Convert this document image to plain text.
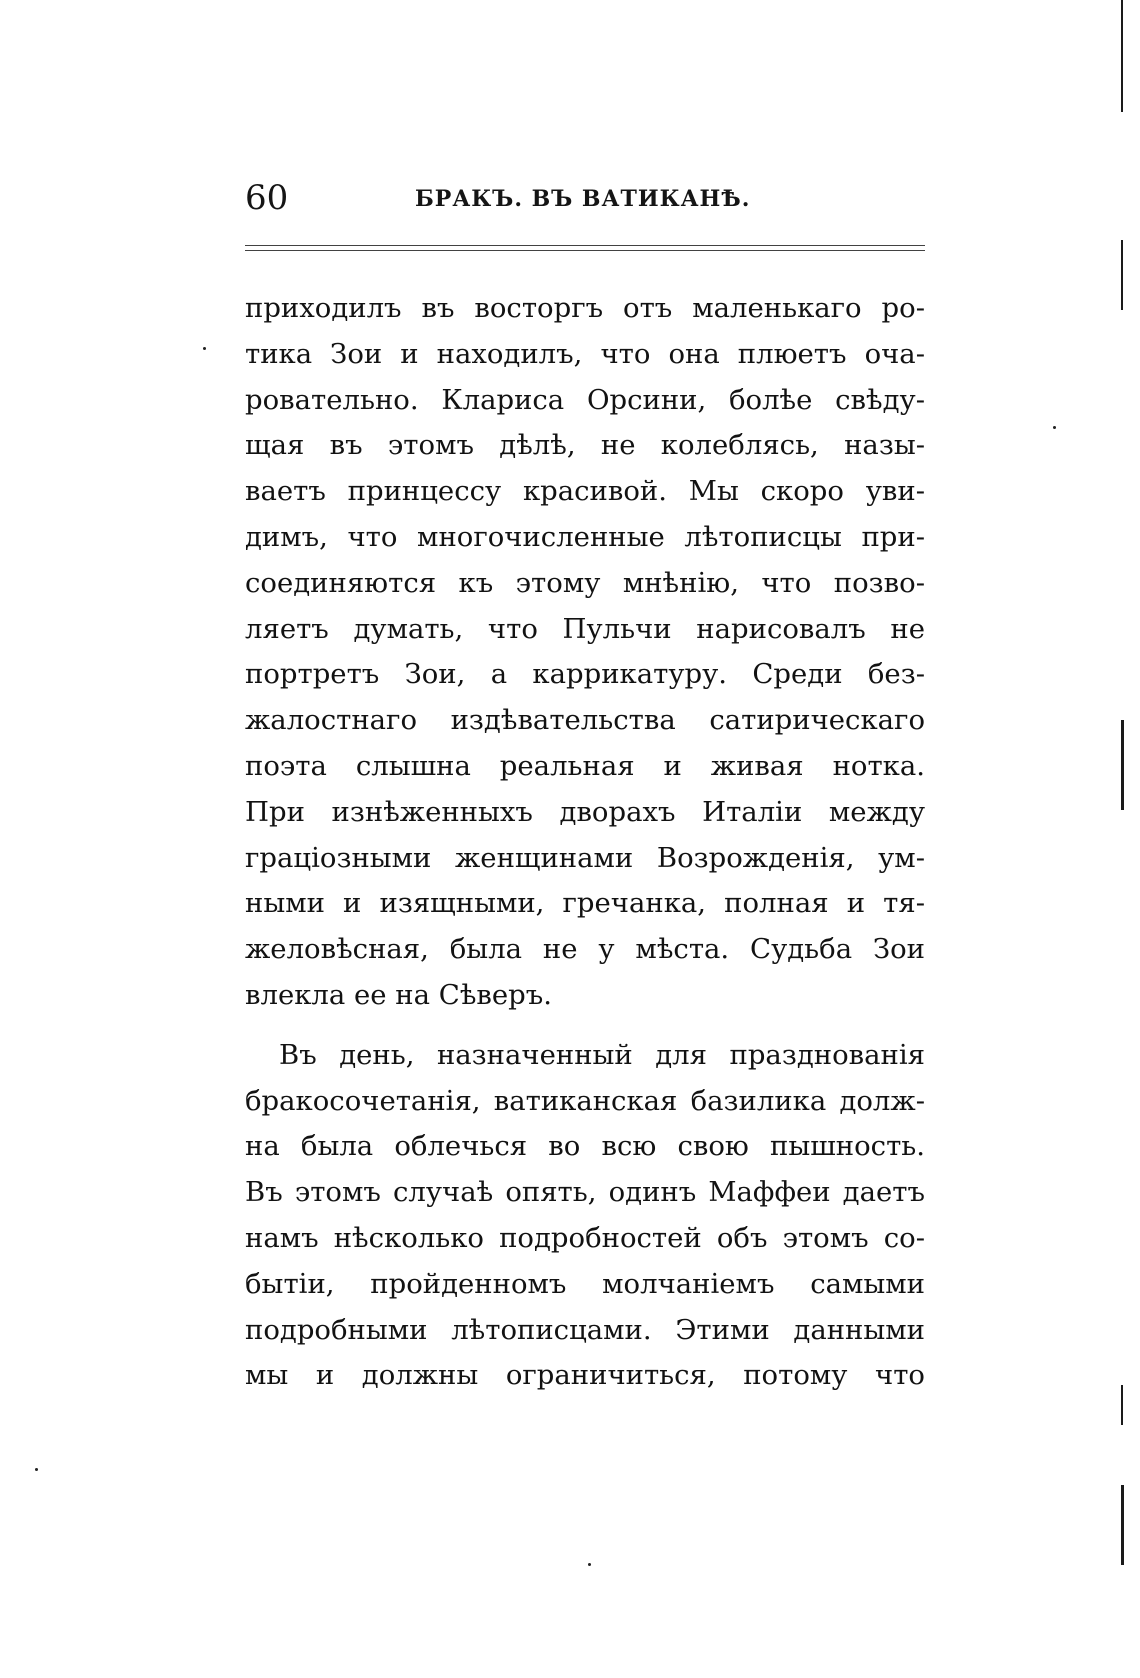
60	БРАКЪ. ВЪ ВАТИКАНѢ.
приходилъ въ восторгъ отъ маленькаго ро-
тика Зои и находилъ, что она плюетъ оча-
ровательно. Клариса Орсини, болѣе свѣду-
щая въ этомъ дѣлѣ, не колеблясь, назы-
ваетъ принцессу красивой. Мы скоро уви-
димъ, что многочисленные лѣтописцы при-
соединяются къ этому мнѣнію, что позво-
ляетъ думать, что Пульчи нарисовалъ не
портретъ Зои, а каррикатуру. Среди без-
жалостнаго издѣвательства сатирическаго
поэта слышна реальная и живая нотка.
При изнѣженныхъ дворахъ Италіи между
граціозными женщинами Возрожденія, ум-
ными и изящными, гречанка, полная и тя-
желовѣсная, была не у мѣста. Судьба Зои
влекла ее на Сѣверъ.
Въ день, назначенный для празднованія
бракосочетанія, ватиканская базилика долж-
на была облечься во всю свою пышность.
Въ этомъ случаѣ опять, одинъ Маффеи даетъ
намъ нѣсколько подробностей объ этомъ со-
бытіи, пройденномъ молчаніемъ самыми
подробными лѣтописцами. Этими данными
мы и должны ограничиться, потому что
